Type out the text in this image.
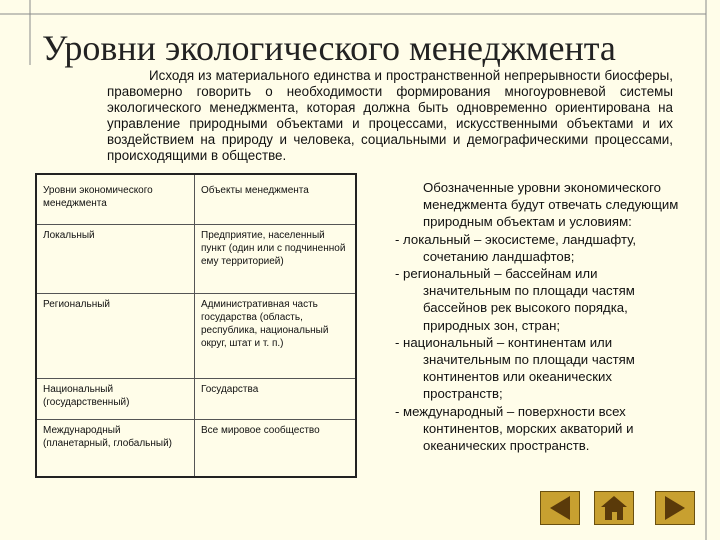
Уровни экологического менеджмента

Исходя из материального единства и пространственной непрерывности биосферы, правомерно говорить о необходимости формирования многоуровневой системы экологического менеджмента, которая должна быть одновременно ориентирована на управление природными объектами и процессами, искусственными объектами и их воздействием на природу и человека, социальными и демографическими процессами, происходящими в обществе.

Уровни экономического менеджмента	Объекты менеджмента
Локальный	Предприятие, населенный пункт (один или с подчиненной ему территорией)
Региональный	Административная часть государства (область, республика, национальный округ, штат и т. п.)
Национальный (государственный)	Государства
Международный (планетарный, глобальный)	Все мировое сообщество
Обозначенные уровни экономического менеджмента будут отвечать следующим природным объектам и условиям:
- локальный – экосистеме, ландшафту, сочетанию ландшафтов;
- региональный – бассейнам или значительным по площади частям бассейнов рек высокого порядка, природных зон, стран;
- национальный – континентам или значительным по площади частям континентов или океанических пространств;
- международный – поверхности всех континентов, морских акваторий и океанических пространств.
